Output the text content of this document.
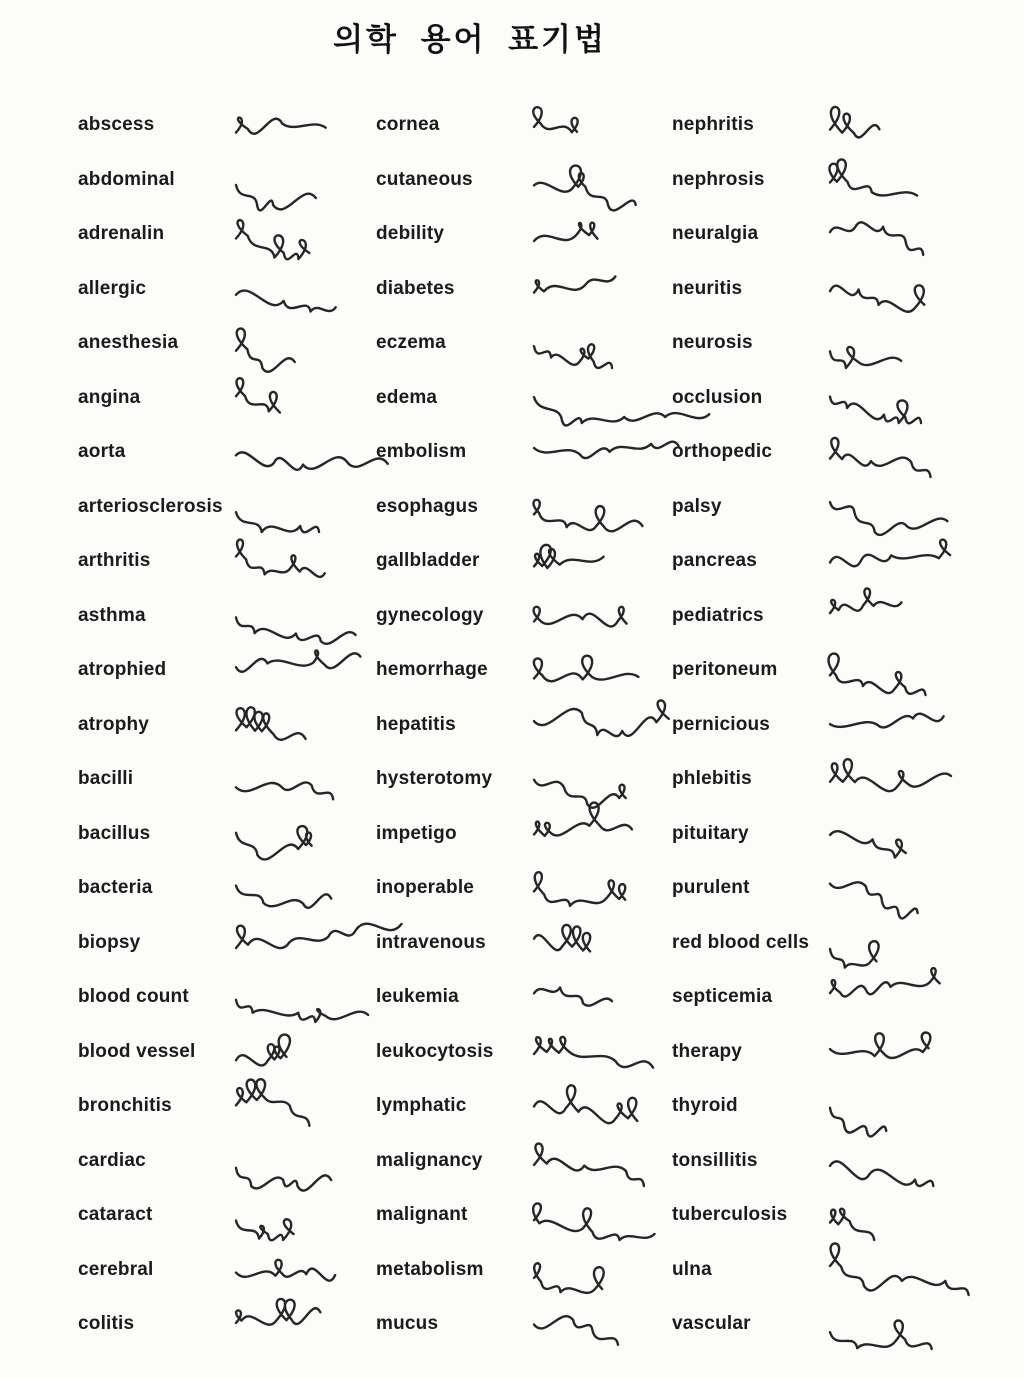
의학 용어 표기법
abscess
abdominal
adrenalin
allergic
anesthesia
angina
aorta
arteriosclerosis
arthritis
asthma
atrophied
atrophy
bacilli
bacillus
bacteria
biopsy
blood count
blood vessel
bronchitis
cardiac
cataract
cerebral
colitis
cornea
cutaneous
debility
diabetes
eczema
edema
embolism
esophagus
gallbladder
gynecology
hemorrhage
hepatitis
hysterotomy
impetigo
inoperable
intravenous
leukemia
leukocytosis
lymphatic
malignancy
malignant
metabolism
mucus
nephritis
nephrosis
neuralgia
neuritis
neurosis
occlusion
orthopedic
palsy
pancreas
pediatrics
peritoneum
pernicious
phlebitis
pituitary
purulent
red blood cells
septicemia
therapy
thyroid
tonsillitis
tuberculosis
ulna
vascular
